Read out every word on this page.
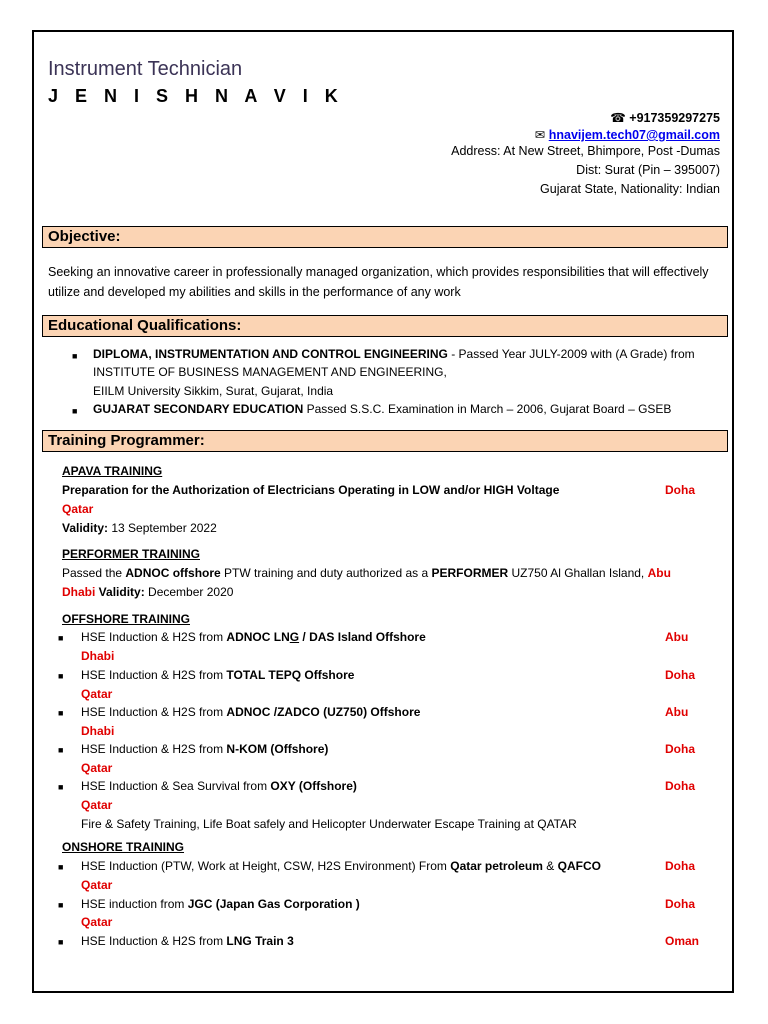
Instrument Technician
J E N I S H N A V I K
☎ +917359297275
✉ hnavijem.tech07@gmail.com
Address: At New Street, Bhimpore, Post -Dumas
Dist: Surat (Pin – 395007)
Gujarat State, Nationality: Indian
Objective:
Seeking an innovative career in professionally managed organization, which provides responsibilities that will effectively utilize and developed my abilities and skills in the performance of any work
Educational Qualifications:
■ DIPLOMA, INSTRUMENTATION AND CONTROL ENGINEERING - Passed Year JULY-2009 with (A Grade) from
INSTITUTE OF BUSINESS MANAGEMENT AND ENGINEERING,
EIILM University Sikkim, Surat, Gujarat, India
■ GUJARAT SECONDARY EDUCATION Passed S.S.C. Examination in March – 2006, Gujarat Board – GSEB
Training Programmer:
APAVA TRAINING
Preparation for the Authorization of Electricians Operating in LOW and/or HIGH Voltage	Doha
Qatar
Validity: 13 September 2022
PERFORMER TRAINING
Passed the ADNOC offshore PTW training and duty authorized as a PERFORMER UZ750 Al Ghallan Island, Abu
Dhabi Validity: December 2020
OFFSHORE TRAINING
■ HSE Induction & H2S from ADNOC LNG / DAS Island Offshore	Abu
Dhabi
■ HSE Induction & H2S from TOTAL TEPQ Offshore	Doha
Qatar
■ HSE Induction & H2S from ADNOC /ZADCO (UZ750) Offshore	Abu
Dhabi
■ HSE Induction & H2S from N-KOM (Offshore)	Doha
Qatar
■ HSE Induction & Sea Survival from OXY (Offshore)	Doha
Qatar
Fire & Safety Training, Life Boat safely and Helicopter Underwater Escape Training at QATAR
ONSHORE TRAINING
■ HSE Induction (PTW, Work at Height, CSW, H2S Environment) From Qatar petroleum & QAFCO	Doha
Qatar
■ HSE induction from JGC (Japan Gas Corporation )	Doha
Qatar
■ HSE Induction & H2S from LNG Train 3	Oman
